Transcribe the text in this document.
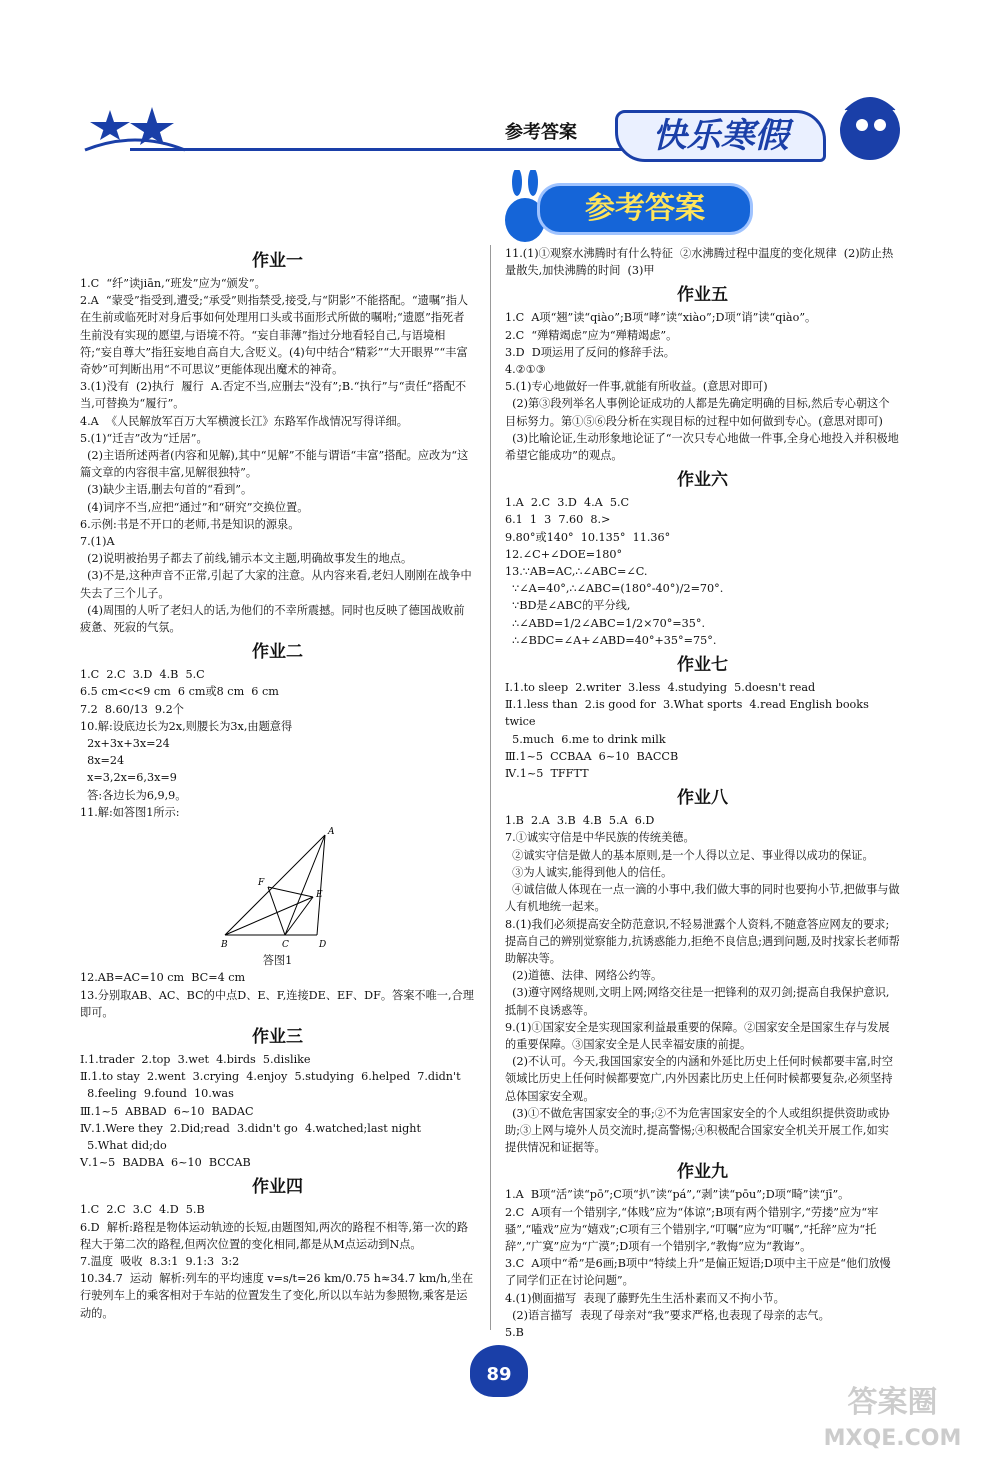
参考答案	快乐寒假
参考答案
作业一

1.C  “纤”读jiān,“班发”应为“颁发”。

2.A  “蒙受”指受到,遭受;“承受”则指禁受,接受,与“阴影”不能搭配。“遗嘱”指人在生前或临死时对身后事如何处理用口头或书面形式所做的嘱咐;“遗愿”指死者生前没有实现的愿望,与语境不符。“妄自菲薄”指过分地看轻自己,与语境相符;“妄自尊大”指狂妄地自高自大,含贬义。(4)句中结合“精彩”“大开眼界”“丰富奇妙”可判断出用“不可思议”更能体现出魔术的神奇。

3.(1)没有  (2)执行  履行  A.否定不当,应删去“没有”;B.“执行”与“责任”搭配不当,可替换为“履行”。

4.A  《人民解放军百万大军横渡长江》东路军作战情况写得详细。

5.(1)“迁吉”改为“迁居”。

(2)主语所述两者(内容和见解),其中“见解”不能与谓语“丰富”搭配。应改为“这篇文章的内容很丰富,见解很独特”。

(3)缺少主语,删去句首的“看到”。

(4)词序不当,应把“通过”和“研究”交换位置。

6.示例:书是不开口的老师,书是知识的源泉。

7.(1)A

(2)说明被抬男子都去了前线,铺示本文主题,明确故事发生的地点。

(3)不是,这种声音不正常,引起了大家的注意。从内容来看,老妇人刚刚在战争中失去了三个儿子。

(4)周围的人听了老妇人的话,为他们的不幸所震撼。同时也反映了德国战败前疲惫、死寂的气氛。

作业二

1.C  2.C  3.D  4.B  5.C

6.5 cm<c<9 cm  6 cm或8 cm  6 cm

7.2  8.60/13  9.2个

10.解:设底边长为2x,则腰长为3x,由题意得

2x+3x+3x=24

8x=24

x=3,2x=6,3x=9

答:各边长为6,9,9。

11.解:如答图1所示:

A
F
E
B	C	D
答图1

12.AB=AC=10 cm  BC=4 cm

13.分别取AB、AC、BC的中点D、E、F,连接DE、EF、DF。答案不唯一,合理即可。

作业三

Ⅰ.1.trader  2.top  3.wet  4.birds  5.dislike

Ⅱ.1.to stay  2.went  3.crying  4.enjoy  5.studying  6.helped  7.didn't

8.feeling  9.found  10.was

Ⅲ.1~5  ABBAD  6~10  BADAC

Ⅳ.1.Were they  2.Did;read  3.didn't go  4.watched;last night

5.What did;do

Ⅴ.1~5  BADBA  6~10  BCCAB

作业四

1.C  2.C  3.C  4.D  5.B

6.D  解析:路程是物体运动轨迹的长短,由题图知,两次的路程不相等,第一次的路程大于第二次的路程,但两次位置的变化相同,都是从M点运动到N点。

7.温度  吸收  8.3:1  9.1:3  3:2

10.34.7  运动  解析:列车的平均速度 v=s/t=26 km/0.75 h≈34.7 km/h,坐在行驶列车上的乘客相对于车站的位置发生了变化,所以以车站为参照物,乘客是运动的。

11.(1)①观察水沸腾时有什么特征  ②水沸腾过程中温度的变化规律  (2)防止热量散失,加快沸腾的时间  (3)甲

作业五

1.C  A项“翘”读“qiào”;B项“哮”读“xiào”;D项“诮”读“qiào”。

2.C  “殚精竭虑”应为“殚精竭虑”。

3.D  D项运用了反问的修辞手法。

4.②①③

5.(1)专心地做好一件事,就能有所收益。(意思对即可)

(2)第③段列举名人事例论证成功的人都是先确定明确的目标,然后专心朝这个目标努力。第①⑤⑥段分析在实现目标的过程中如何做到专心。(意思对即可)

(3)比喻论证,生动形象地论证了“一次只专心地做一件事,全身心地投入并积极地希望它能成功”的观点。

作业六

1.A  2.C  3.D  4.A  5.C

6.1  1  3  7.60  8.>

9.80°或140°  10.135°  11.36°

12.∠C+∠DOE=180°

13.∵AB=AC,∴∠ABC=∠C.

∵∠A=40°,∴∠ABC=(180°-40°)/2=70°.

∵BD是∠ABC的平分线,

∴∠ABD=1/2∠ABC=1/2×70°=35°.

∴∠BDC=∠A+∠ABD=40°+35°=75°.

作业七

Ⅰ.1.to sleep  2.writer  3.less  4.studying  5.doesn't read

Ⅱ.1.less than  2.is good for  3.What sports  4.read English books twice

5.much  6.me to drink milk

Ⅲ.1~5  CCBAA  6~10  BACCB

Ⅳ.1~5  TFFTT

作业八

1.B  2.A  3.B  4.B  5.A  6.D

7.①诚实守信是中华民族的传统美德。

②诚实守信是做人的基本原则,是一个人得以立足、事业得以成功的保证。

③为人诚实,能得到他人的信任。

④诚信做人体现在一点一滴的小事中,我们做大事的同时也要拘小节,把做事与做人有机地统一起来。

8.(1)我们必须提高安全防范意识,不轻易泄露个人资料,不随意答应网友的要求;提高自己的辨别觉察能力,抗诱惑能力,拒绝不良信息;遇到问题,及时找家长老师帮助解决等。

(2)道德、法律、网络公约等。

(3)遵守网络规则,文明上网;网络交往是一把锋利的双刃剑;提高自我保护意识,抵制不良诱惑等。

9.(1)①国家安全是实现国家利益最重要的保障。②国家安全是国家生存与发展的重要保障。③国家安全是人民幸福安康的前提。

(2)不认可。今天,我国国家安全的内涵和外延比历史上任何时候都要丰富,时空领域比历史上任何时候都要宽广,内外因素比历史上任何时候都要复杂,必须坚持总体国家安全观。

(3)①不做危害国家安全的事;②不为危害国家安全的个人或组织提供资助或协助;③上网与境外人员交流时,提高警惕;④积极配合国家安全机关开展工作,如实提供情况和证据等。

作业九

1.A  B项“活”读“pō”;C项“扒”读“pá”,“剥”读“pōu”;D项“畸”读“jī”。

2.C  A项有一个错别字,“体贱”应为“体谅”;B项有两个错别字,“劳搂”应为“牢骚”,“嗑戏”应为“嬉戏”;C项有三个错别字,“叮嘱”应为“叮嘱”,“托辞”应为“托辞”,“广寞”应为“广漠”;D项有一个错别字,“教悔”应为“教诲”。

3.C  A项中“希”是6画;B项中“特续上升”是偏正短语;D项中主干应是“他们放慢了同学们正在讨论问题”。

4.(1)侧面描写  表现了藤野先生生活朴素而又不拘小节。

(2)语言描写  表现了母亲对“我”要求严格,也表现了母亲的志气。

5.B

89
答案圈
MXQE.COM
